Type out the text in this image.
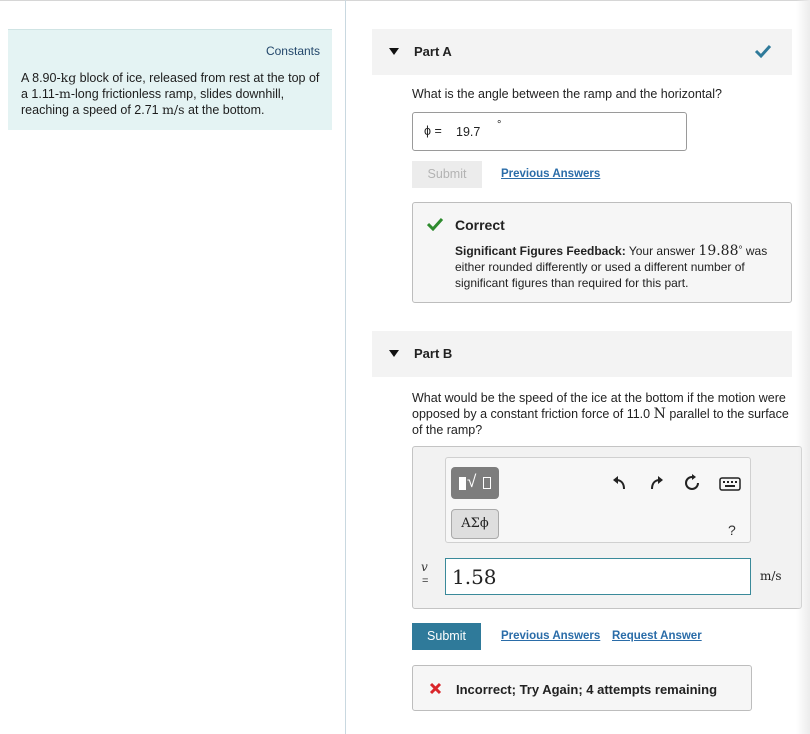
Constants
A 8.90-kg block of ice, released from rest at the top of a 1.11-m-long frictionless ramp, slides downhill, reaching a speed of 2.71 m/s at the bottom.
Part A
What is the angle between the ramp and the horizontal?
ϕ = 19.7 °
Submit	Previous Answers
Correct
Significant Figures Feedback: Your answer 19.88° was either rounded differently or used a different number of significant figures than required for this part.
Part B
What would be the speed of the ice at the bottom if the motion were opposed by a constant friction force of 11.0 N parallel to the surface of the ramp?
√
ΑΣϕ	?
v
= 1.58	m/s
Submit	Previous Answers Request Answer
Incorrect; Try Again; 4 attempts remaining
